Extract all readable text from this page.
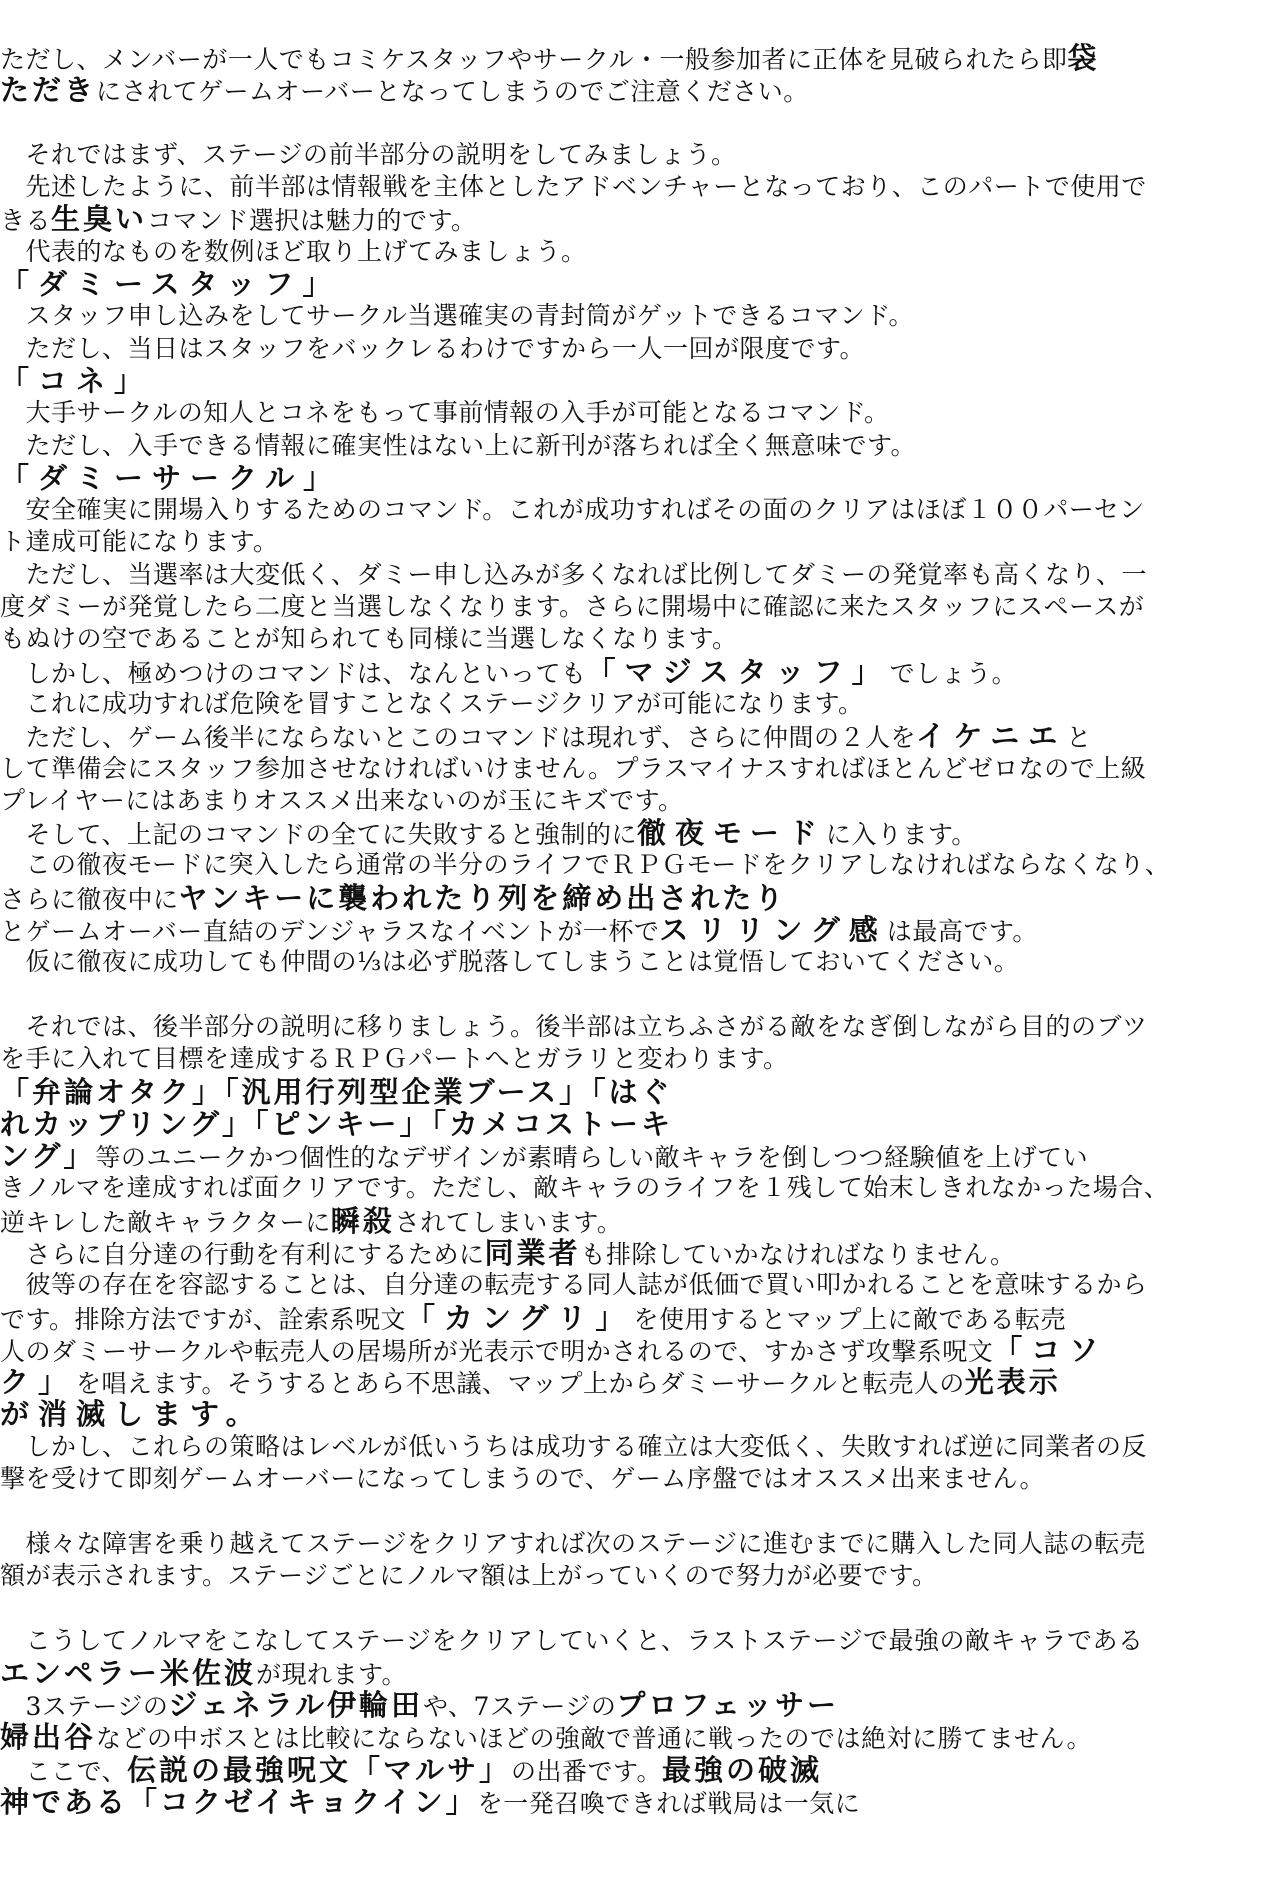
ただし、メンバーが一人でもコミケスタッフやサークル・一般参加者に正体を見破られたら即袋
ただきにされてゲームオーバーとなってしまうのでご注意ください。
　それではまず、ステージの前半部分の説明をしてみましょう。
　先述したように、前半部は情報戦を主体としたアドベンチャーとなっており、このパートで使用で
きる生臭いコマンド選択は魅力的です。
　代表的なものを数例ほど取り上げてみましょう。
「ダミースタッフ」
　スタッフ申し込みをしてサークル当選確実の青封筒がゲットできるコマンド。
　ただし、当日はスタッフをバックレるわけですから一人一回が限度です。
「コネ」
　大手サークルの知人とコネをもって事前情報の入手が可能となるコマンド。
　ただし、入手できる情報に確実性はない上に新刊が落ちれば全く無意味です。
「ダミーサークル」
　安全確実に開場入りするためのコマンド。これが成功すればその面のクリアはほぼ１００パーセン
ト達成可能になります。
　ただし、当選率は大変低く、ダミー申し込みが多くなれば比例してダミーの発覚率も高くなり、一
度ダミーが発覚したら二度と当選しなくなります。さらに開場中に確認に来たスタッフにスペースが
もぬけの空であることが知られても同様に当選しなくなります。
　しかし、極めつけのコマンドは、なんといっても「マジスタッフ」でしょう。
　これに成功すれば危険を冒すことなくステージクリアが可能になります。
　ただし、ゲーム後半にならないとこのコマンドは現れず、さらに仲間の２人をイケニエと
して準備会にスタッフ参加させなければいけません。プラスマイナスすればほとんどゼロなので上級
プレイヤーにはあまりオススメ出来ないのが玉にキズです。
　そして、上記のコマンドの全てに失敗すると強制的に徹夜モードに入ります。
　この徹夜モードに突入したら通常の半分のライフでＲＰＧモードをクリアしなければならなくなり、
さらに徹夜中にヤンキーに襲われたり列を締め出されたり
とゲームオーバー直結のデンジャラスなイベントが一杯でスリリング感は最高です。
　仮に徹夜に成功しても仲間の⅓は必ず脱落してしまうことは覚悟しておいてください。
　それでは、後半部分の説明に移りましょう。後半部は立ちふさがる敵をなぎ倒しながら目的のブツ
を手に入れて目標を達成するＲＰＧパートへとガラリと変わります。
「弁論オタク」「汎用行列型企業ブース」「はぐ
れカップリング」「ピンキー」「カメコストーキ
ング」等のユニークかつ個性的なデザインが素晴らしい敵キャラを倒しつつ経験値を上げてい
きノルマを達成すれば面クリアです。ただし、敵キャラのライフを１残して始末しきれなかった場合、
逆キレした敵キャラクターに瞬殺されてしまいます。
　さらに自分達の行動を有利にするために同業者も排除していかなければなりません。
　彼等の存在を容認することは、自分達の転売する同人誌が低価で買い叩かれることを意味するから
です。排除方法ですが、詮索系呪文「カングリ」を使用するとマップ上に敵である転売
人のダミーサークルや転売人の居場所が光表示で明かされるので、すかさず攻撃系呪文「コソ
ク」を唱えます。そうするとあら不思議、マップ上からダミーサークルと転売人の光表示
が消滅します。
　しかし、これらの策略はレベルが低いうちは成功する確立は大変低く、失敗すれば逆に同業者の反
撃を受けて即刻ゲームオーバーになってしまうので、ゲーム序盤ではオススメ出来ません。
　様々な障害を乗り越えてステージをクリアすれば次のステージに進むまでに購入した同人誌の転売
額が表示されます。ステージごとにノルマ額は上がっていくので努力が必要です。
　こうしてノルマをこなしてステージをクリアしていくと、ラストステージで最強の敵キャラである
エンペラー米佐波が現れます。
　3ステージのジェネラル伊輪田や、7ステージのプロフェッサー
婦出谷などの中ボスとは比較にならないほどの強敵で普通に戦ったのでは絶対に勝てません。
　ここで、伝説の最強呪文「マルサ」の出番です。最強の破滅
神である「コクゼイキョクイン」を一発召喚できれば戦局は一気に
